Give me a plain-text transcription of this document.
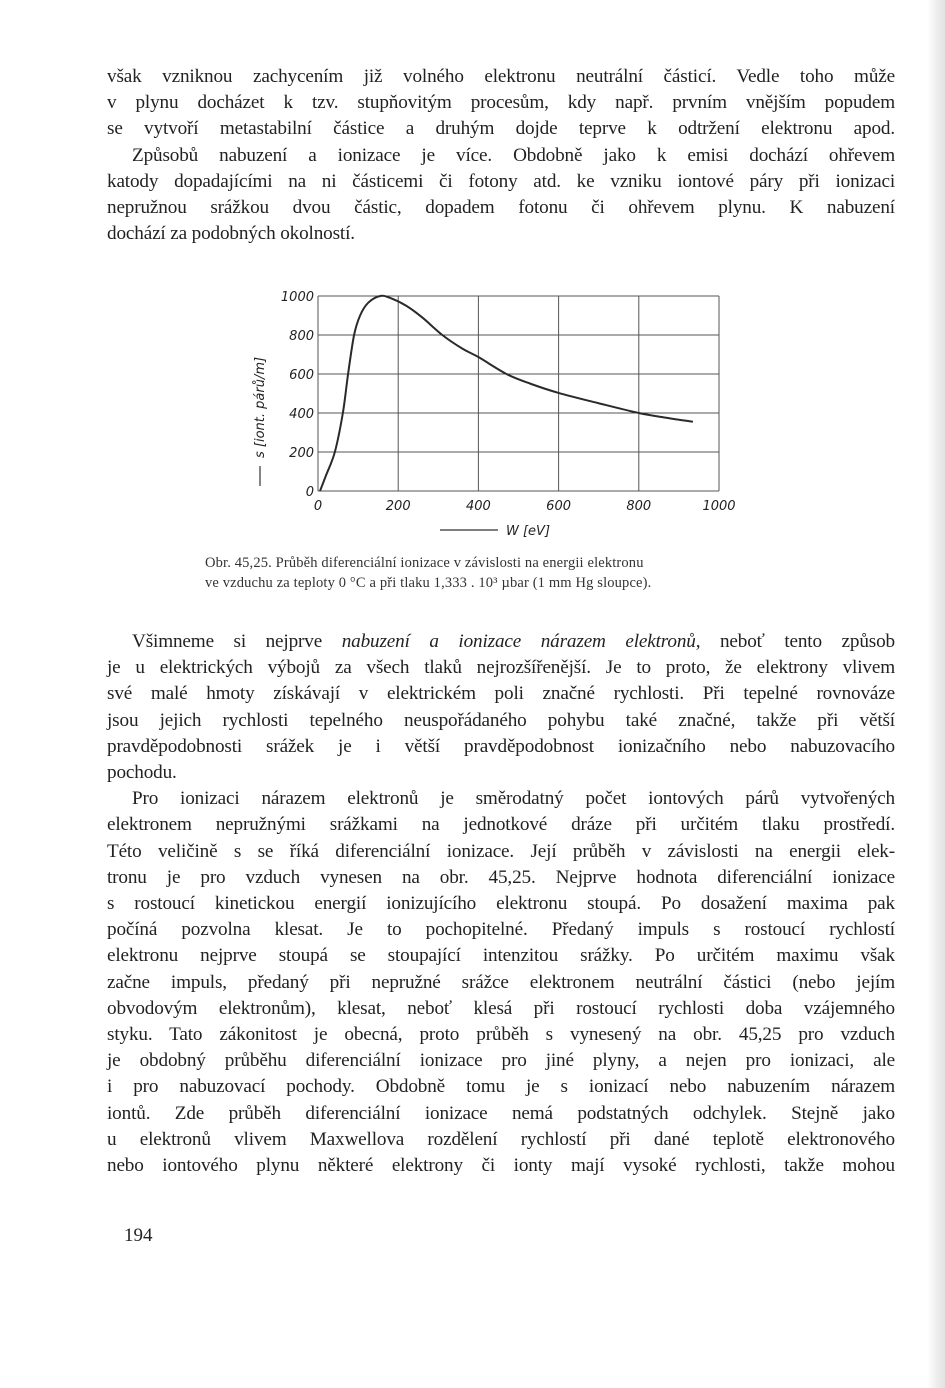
však vzniknou zachycením již volného elektronu neutrální částicí. Vedle toho může
v plynu docházet k tzv. stupňovitým procesům, kdy např. prvním vnějším popudem
se vytvoří metastabilní částice a druhým dojde teprve k odtržení elektronu apod.

Způsobů nabuzení a ionizace je více. Obdobně jako k emisi dochází ohřevem
katody dopadajícími na ni částicemi či fotony atd. ke vzniku iontové páry při ionizaci
nepružnou srážkou dvou částic, dopadem fotonu či ohřevem plynu. K nabuzení
dochází za podobných okolností.

0
200
400
600
800
1000
0	200	400	600	800	1000
s [iont. párů/m]
W [eV]
Obr. 45,25. Průběh diferenciální ionizace v závislosti na energii elektronu
ve vzduchu za teploty 0 °C a při tlaku 1,333 . 10³ µbar (1 mm Hg sloupce).

Všimneme si nejprve nabuzení a ionizace nárazem elektronů, neboť tento způsob
je u elektrických výbojů za všech tlaků nejrozšířenější. Je to proto, že elektrony vlivem
své malé hmoty získávají v elektrickém poli značné rychlosti. Při tepelné rovnováze
jsou jejich rychlosti tepelného neuspořádaného pohybu také značné, takže při větší
pravděpodobnosti srážek je i větší pravděpodobnost ionizačního nebo nabuzovacího
pochodu.

Pro ionizaci nárazem elektronů je směrodatný počet iontových párů vytvořených
elektronem nepružnými srážkami na jednotkové dráze při určitém tlaku prostředí.
Této veličině s se říká diferenciální ionizace. Její průběh v závislosti na energii elek-
tronu je pro vzduch vynesen na obr. 45,25. Nejprve hodnota diferenciální ionizace
s rostoucí kinetickou energií ionizujícího elektronu stoupá. Po dosažení maxima pak
počíná pozvolna klesat. Je to pochopitelné. Předaný impuls s rostoucí rychlostí
elektronu nejprve stoupá se stoupající intenzitou srážky. Po určitém maximu však
začne impuls, předaný při nepružné srážce elektronem neutrální částici (nebo jejím
obvodovým elektronům), klesat, neboť klesá při rostoucí rychlosti doba vzájemného
styku. Tato zákonitost je obecná, proto průběh s vynesený na obr. 45,25 pro vzduch
je obdobný průběhu diferenciální ionizace pro jiné plyny, a nejen pro ionizaci, ale
i pro nabuzovací pochody. Obdobně tomu je s ionizací nebo nabuzením nárazem
iontů. Zde průběh diferenciální ionizace nemá podstatných odchylek. Stejně jako
u elektronů vlivem Maxwellova rozdělení rychlostí při dané teplotě elektronového
nebo iontového plynu některé elektrony či ionty mají vysoké rychlosti, takže mohou

194
